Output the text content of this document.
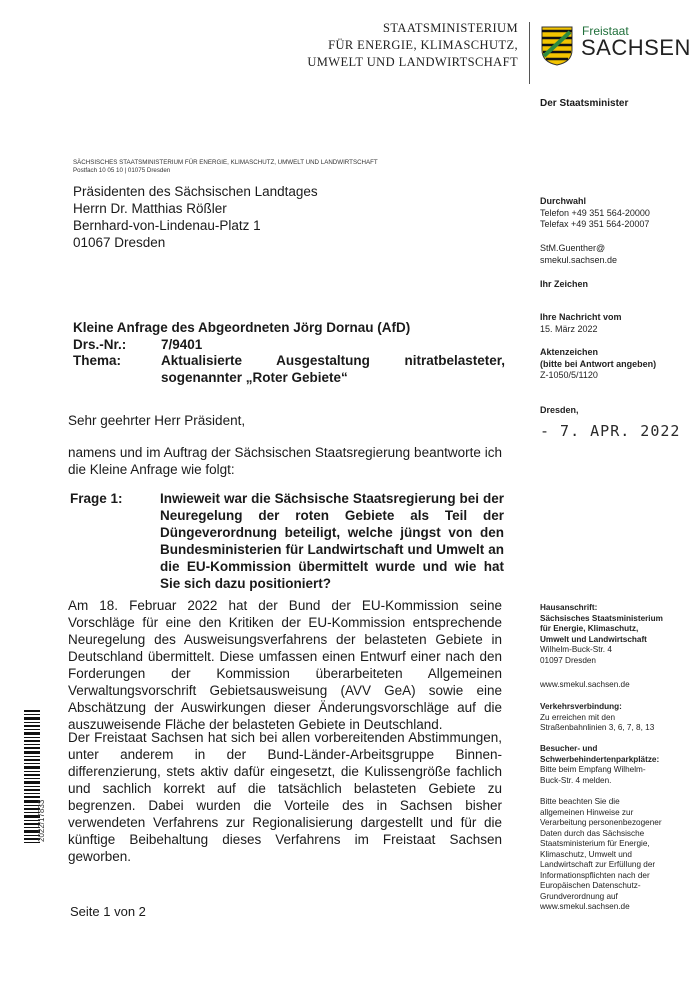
STAATSMINISTERIUM
FÜR ENERGIE, KLIMASCHUTZ,
UMWELT UND LANDWIRTSCHAFT
Freistaat
SACHSEN
Der Staatsminister
SÄCHSISCHES STAATSMINISTERIUM FÜR ENERGIE, KLIMASCHUTZ, UMWELT UND LANDWIRTSCHAFT
Postfach 10 05 10 | 01075 Dresden
Präsidenten des Sächsischen Landtages
Herrn Dr. Matthias Rößler
Bernhard-von-Lindenau-Platz 1
01067 Dresden
Durchwahl
Telefon +49 351 564-20000
Telefax +49 351 564-20007
StM.Guenther@
smekul.sachsen.de
Ihr Zeichen
Ihre Nachricht vom
15. März 2022
Aktenzeichen
(bitte bei Antwort angeben)
Z-1050/5/1120
Dresden,
- 7. APR. 2022
Kleine Anfrage des Abgeordneten Jörg Dornau (AfD)
Drs.-Nr.:	7/9401
Thema:	Aktualisierte Ausgestaltung nitratbelasteter, sogenannter „Roter Gebiete“
Sehr geehrter Herr Präsident,
namens und im Auftrag der Sächsischen Staatsregierung beantworte ich die Kleine Anfrage wie folgt:
Frage 1:	Inwieweit war die Sächsische Staatsregierung bei der Neuregelung der roten Gebiete als Teil der Düngeverordnung beteiligt, welche jüngst von den Bundesministerien für Landwirtschaft und Umwelt an die EU-Kommission übermittelt wurde und wie hat Sie sich dazu positioniert?
Am 18. Februar 2022 hat der Bund der EU-Kommission seine Vorschläge für eine den Kritiken der EU-Kommission entsprechende Neuregelung des Ausweisungsverfahrens der belasteten Gebiete in Deutschland übermittelt. Diese umfassen einen Entwurf einer nach den Forderungen der Kommission überarbeiteten Allgemeinen Verwaltungsvorschrift Gebietsausweisung (AVV GeA) sowie eine Abschätzung der Auswirkungen dieser Änderungsvorschläge auf die auszuweisende Fläche der belasteten Gebiete in Deutschland.
Der Freistaat Sachsen hat sich bei allen vorbereitenden Abstimmungen, unter anderem in der Bund-Länder-Arbeitsgruppe Binnen-differenzierung, stets aktiv dafür eingesetzt, die Kulissengröße fachlich und sachlich korrekt auf die tatsächlich belasteten Gebiete zu begrenzen. Dabei wurden die Vorteile des in Sachsen bisher verwendeten Verfahrens zur Regionalisierung dargestellt und für die künftige Beibehaltung dieses Verfahrens im Freistaat Sachsen geworben.
Seite 1 von 2
2022/17833
Hausanschrift:
Sächsisches Staatsministerium
für Energie, Klimaschutz,
Umwelt und Landwirtschaft
Wilhelm-Buck-Str. 4
01097 Dresden
www.smekul.sachsen.de
Verkehrsverbindung:
Zu erreichen mit den
Straßenbahnlinien 3, 6, 7, 8, 13
Besucher- und
Schwerbehindertenparkplätze:
Bitte beim Empfang Wilhelm-
Buck-Str. 4 melden.
Bitte beachten Sie die
allgemeinen Hinweise zur
Verarbeitung personenbezogener
Daten durch das Sächsische
Staatsministerium für Energie,
Klimaschutz, Umwelt und
Landwirtschaft zur Erfüllung der
Informationspflichten nach der
Europäischen Datenschutz-
Grundverordnung auf
www.smekul.sachsen.de
